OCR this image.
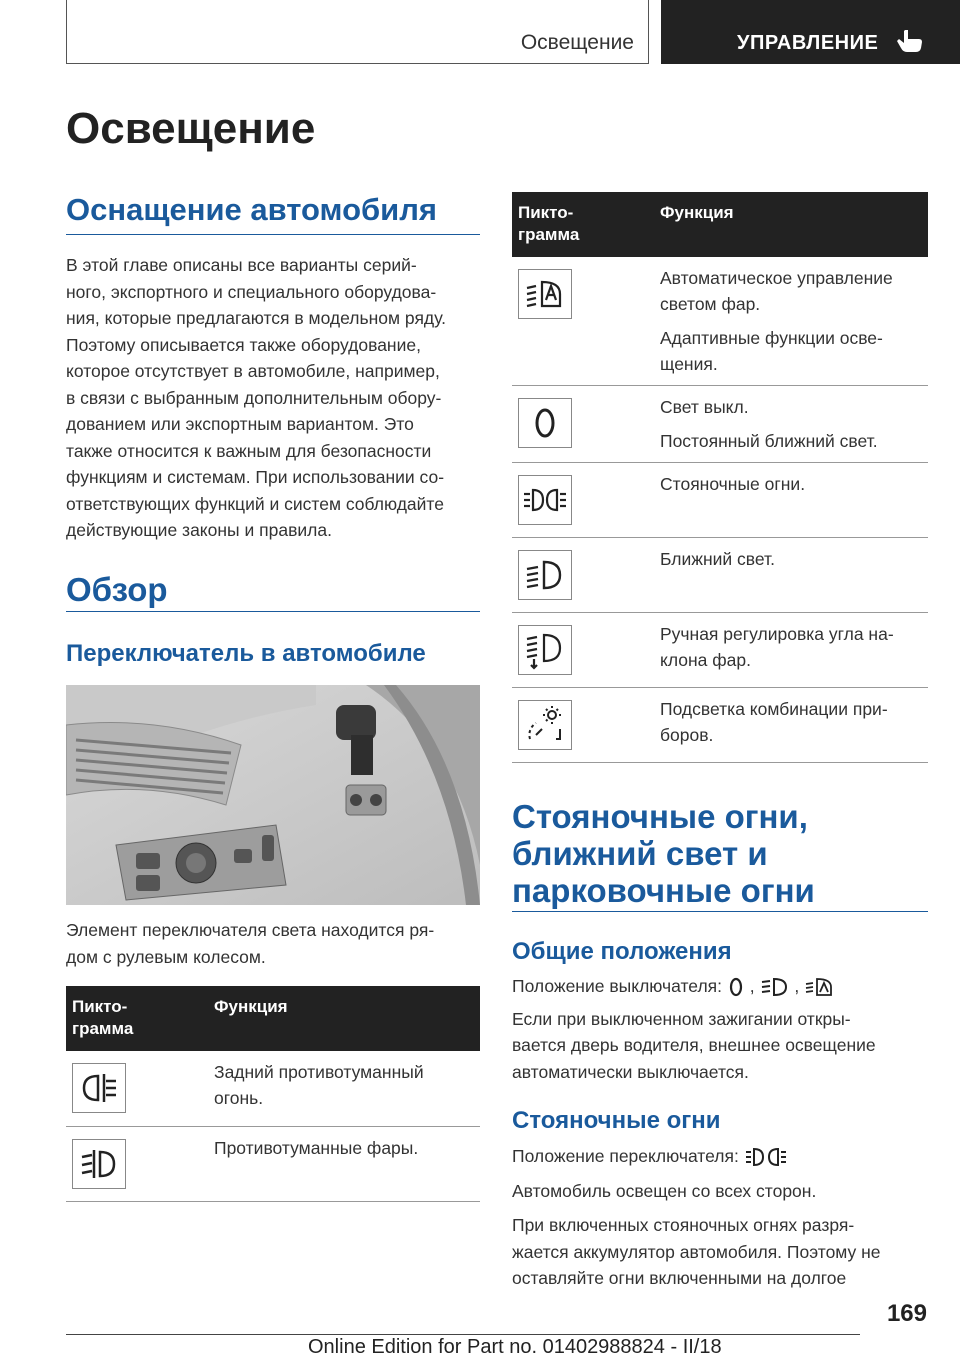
Освещение	УПРАВЛЕНИЕ
Освещение
Оснащение автомобиля
В этой главе описаны все варианты серий-
ного, экспортного и специального оборудова-
ния, которые предлагаются в модельном ряду.
Поэтому описывается также оборудование,
которое отсутствует в автомобиле, например,
в связи с выбранным дополнительным обору-
дованием или экспортным вариантом. Это
также относится к важным для безопасности
функциям и системам. При использовании со-
ответствующих функций и систем соблюдайте
действующие законы и правила.
Обзор
Переключатель в автомобиле
Элемент переключателя света находится ря-
дом с рулевым колесом.
Пикто-
грамма	Функция

Задний противотуманный
огонь.

Противотуманные фары.
Пикто-
грамма	Функция

Автоматическое управление
светом фар.

Адаптивные функции осве-
щения.

Свет выкл.

Постоянный ближний свет.

Стояночные огни.

Ближний свет.

Ручная регулировка угла на-
клона фар.

Подсветка комбинации при-
боров.

Стояночные огни,
ближний свет и
парковочные огни
Общие положения
Положение выключателя: , ,
Если при выключенном зажигании откры-
вается дверь водителя, внешнее освещение
автоматически выключается.
Стояночные огни
Положение переключателя:
Автомобиль освещен со всех сторон.
При включенных стояночных огнях разря-
жается аккумулятор автомобиля. Поэтому не
оставляйте огни включенными на долгое
169
Online Edition for Part no. 01402988824 - II/18
